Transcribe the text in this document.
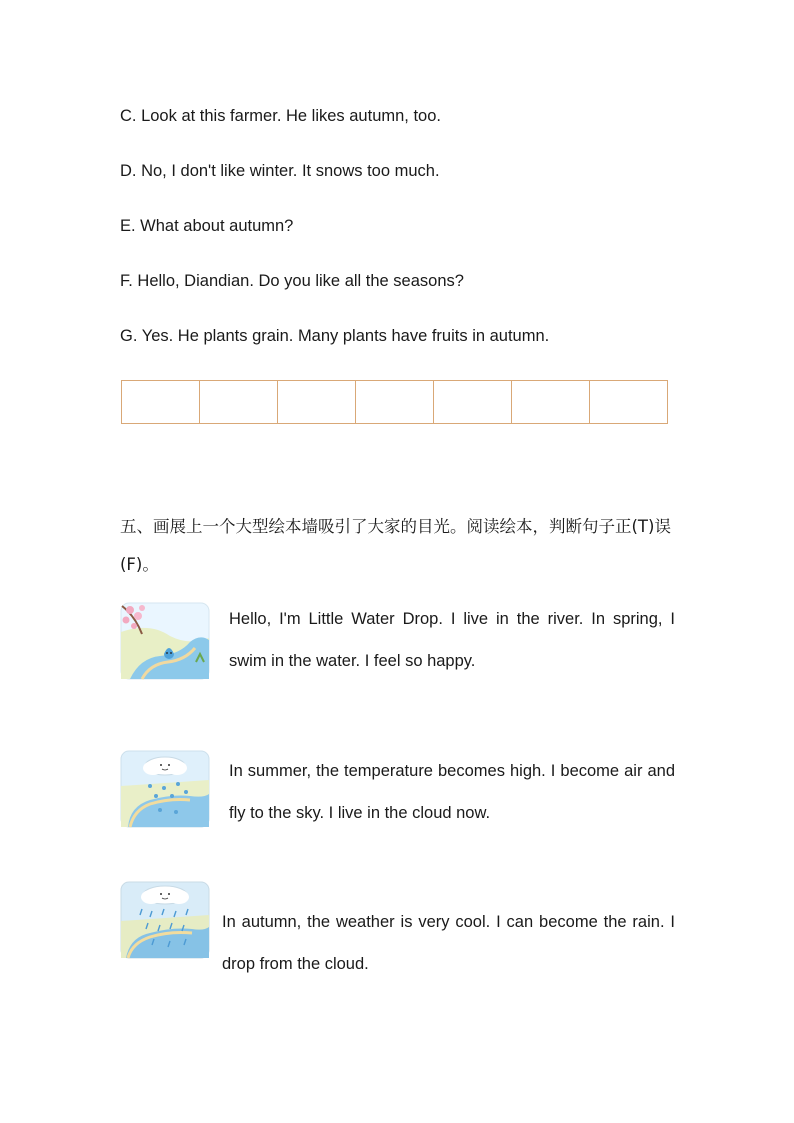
C. Look at this farmer. He likes autumn, too.
D. No, I don't like winter. It snows too much.
E. What about autumn?
F. Hello, Diandian. Do you like all the seasons?
G. Yes. He plants grain. Many plants have fruits in autumn.
五、画展上一个大型绘本墙吸引了大家的目光。阅读绘本，判断句子正(T)误(F)。
Hello, I'm Little Water Drop. I live in the river. In spring, I swim in the water. I feel so happy.
In summer, the temperature becomes high. I become air and fly to the sky. I live in the cloud now.
In autumn, the weather is very cool. I can become the rain. I drop from the cloud.
